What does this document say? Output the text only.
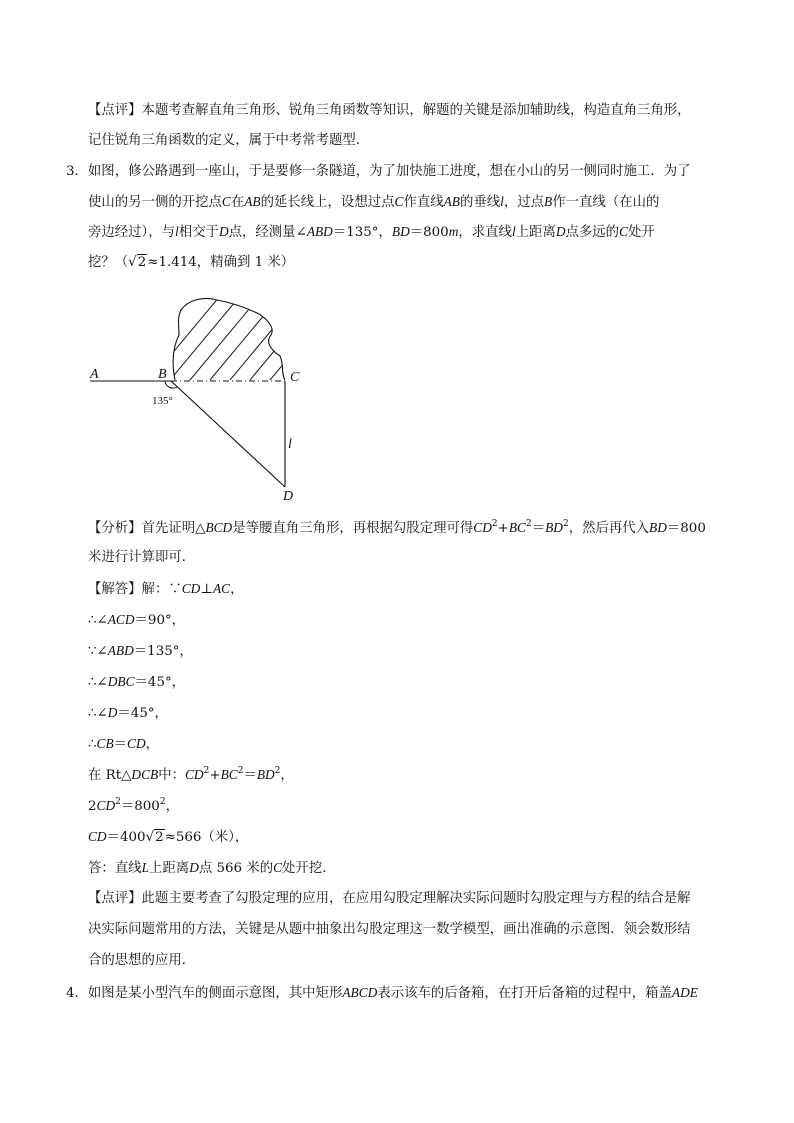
【点评】本题考查解直角三角形、锐角三角函数等知识，解题的关键是添加辅助线，构造直角三角形，
记住锐角三角函数的定义，属于中考常考题型．
3．如图，修公路遇到一座山，于是要修一条隧道，为了加快施工进度，想在小山的另一侧同时施工．为了
使山的另一侧的开挖点C在AB的延长线上，设想过点C作直线AB的垂线l，过点B作一直线（在山的
旁边经过），与l相交于D点，经测量∠ABD＝135°，BD＝800m，求直线l上距离D点多远的C处开
挖？（√2≈1.414，精确到 1 米）
A	B	C
D
l
135°
【分析】首先证明△BCD是等腰直角三角形，再根据勾股定理可得$CD^2+BC^2=BD^2$，然后再代入BD＝800
米进行计算即可．
【解答】解：∵CD⊥AC，
∴∠ACD＝90°，
∵∠ABD＝135°，
∴∠DBC＝45°，
∴∠D＝45°，
∴CB＝CD，
在 Rt△DCB中：$CD^2+BC^2=BD^2$，
$2CD^2=800^2$，
CD＝400√2≈566（米），
答：直线L上距离D点 566 米的C处开挖．
【点评】此题主要考查了勾股定理的应用，在应用勾股定理解决实际问题时勾股定理与方程的结合是解
决实际问题常用的方法，关键是从题中抽象出勾股定理这一数学模型，画出准确的示意图．领会数形结
合的思想的应用．
4．如图是某小型汽车的侧面示意图，其中矩形ABCD表示该车的后备箱，在打开后备箱的过程中，箱盖ADE
